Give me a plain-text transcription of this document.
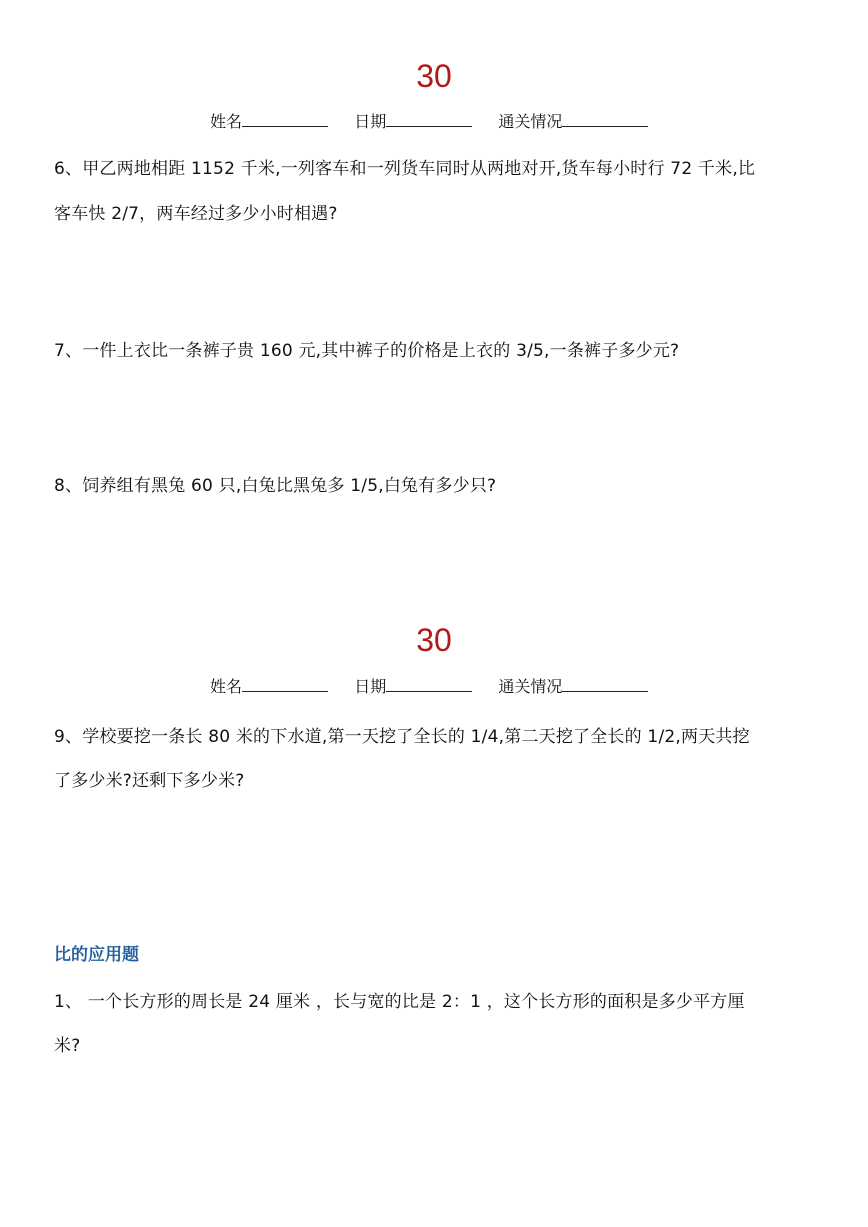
30
姓名	日期	通关情况
6、甲乙两地相距 1152 千米,一列客车和一列货车同时从两地对开,货车每小时行 72 千米,比
客车快 2/7，两车经过多少小时相遇?
7、一件上衣比一条裤子贵 160 元,其中裤子的价格是上衣的 3/5,一条裤子多少元?
8、饲养组有黑兔 60 只,白兔比黑兔多 1/5,白兔有多少只?
30
姓名	日期	通关情况
9、学校要挖一条长 80 米的下水道,第一天挖了全长的 1/4,第二天挖了全长的 1/2,两天共挖
了多少米?还剩下多少米?
比的应用题
1、 一个长方形的周长是 24 厘米 ，长与宽的比是 2：1 ，这个长方形的面积是多少平方厘
米?
